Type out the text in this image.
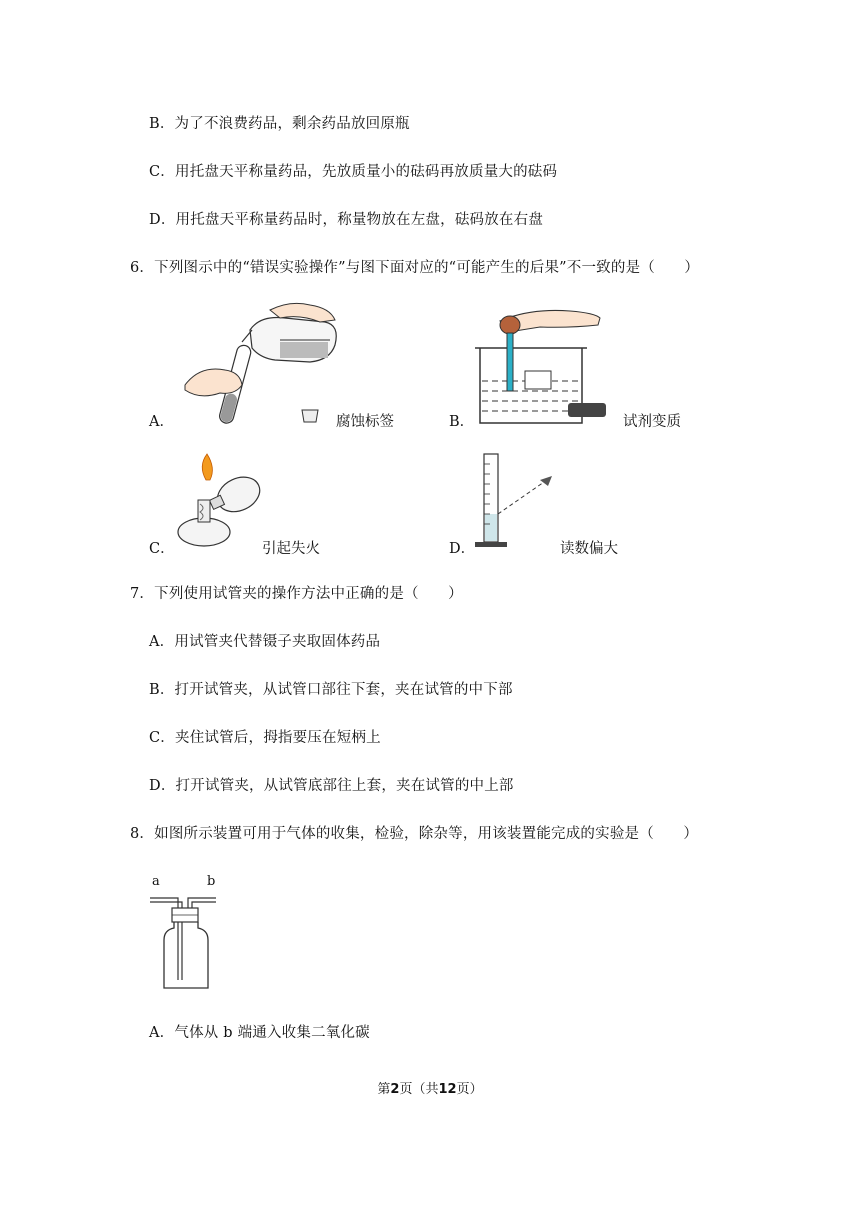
B．为了不浪费药品，剩余药品放回原瓶
C．用托盘天平称量药品，先放质量小的砝码再放质量大的砝码
D．用托盘天平称量药品时，称量物放在左盘，砝码放在右盘
6．下列图示中的“错误实验操作”与图下面对应的“可能产生的后果”不一致的是（　　）
A．	腐蚀标签	B．	试剂变质
C．	引起失火	D．	读数偏大
7．下列使用试管夹的操作方法中正确的是（　　）
A．用试管夹代替镊子夹取固体药品
B．打开试管夹，从试管口部往下套，夹在试管的中下部
C．夹住试管后，拇指要压在短柄上
D．打开试管夹，从试管底部往上套，夹在试管的中上部
8．如图所示装置可用于气体的收集，检验，除杂等，用该装置能完成的实验是（　　）
a	b
A．气体从 b 端通入收集二氧化碳
第2页（共12页）
